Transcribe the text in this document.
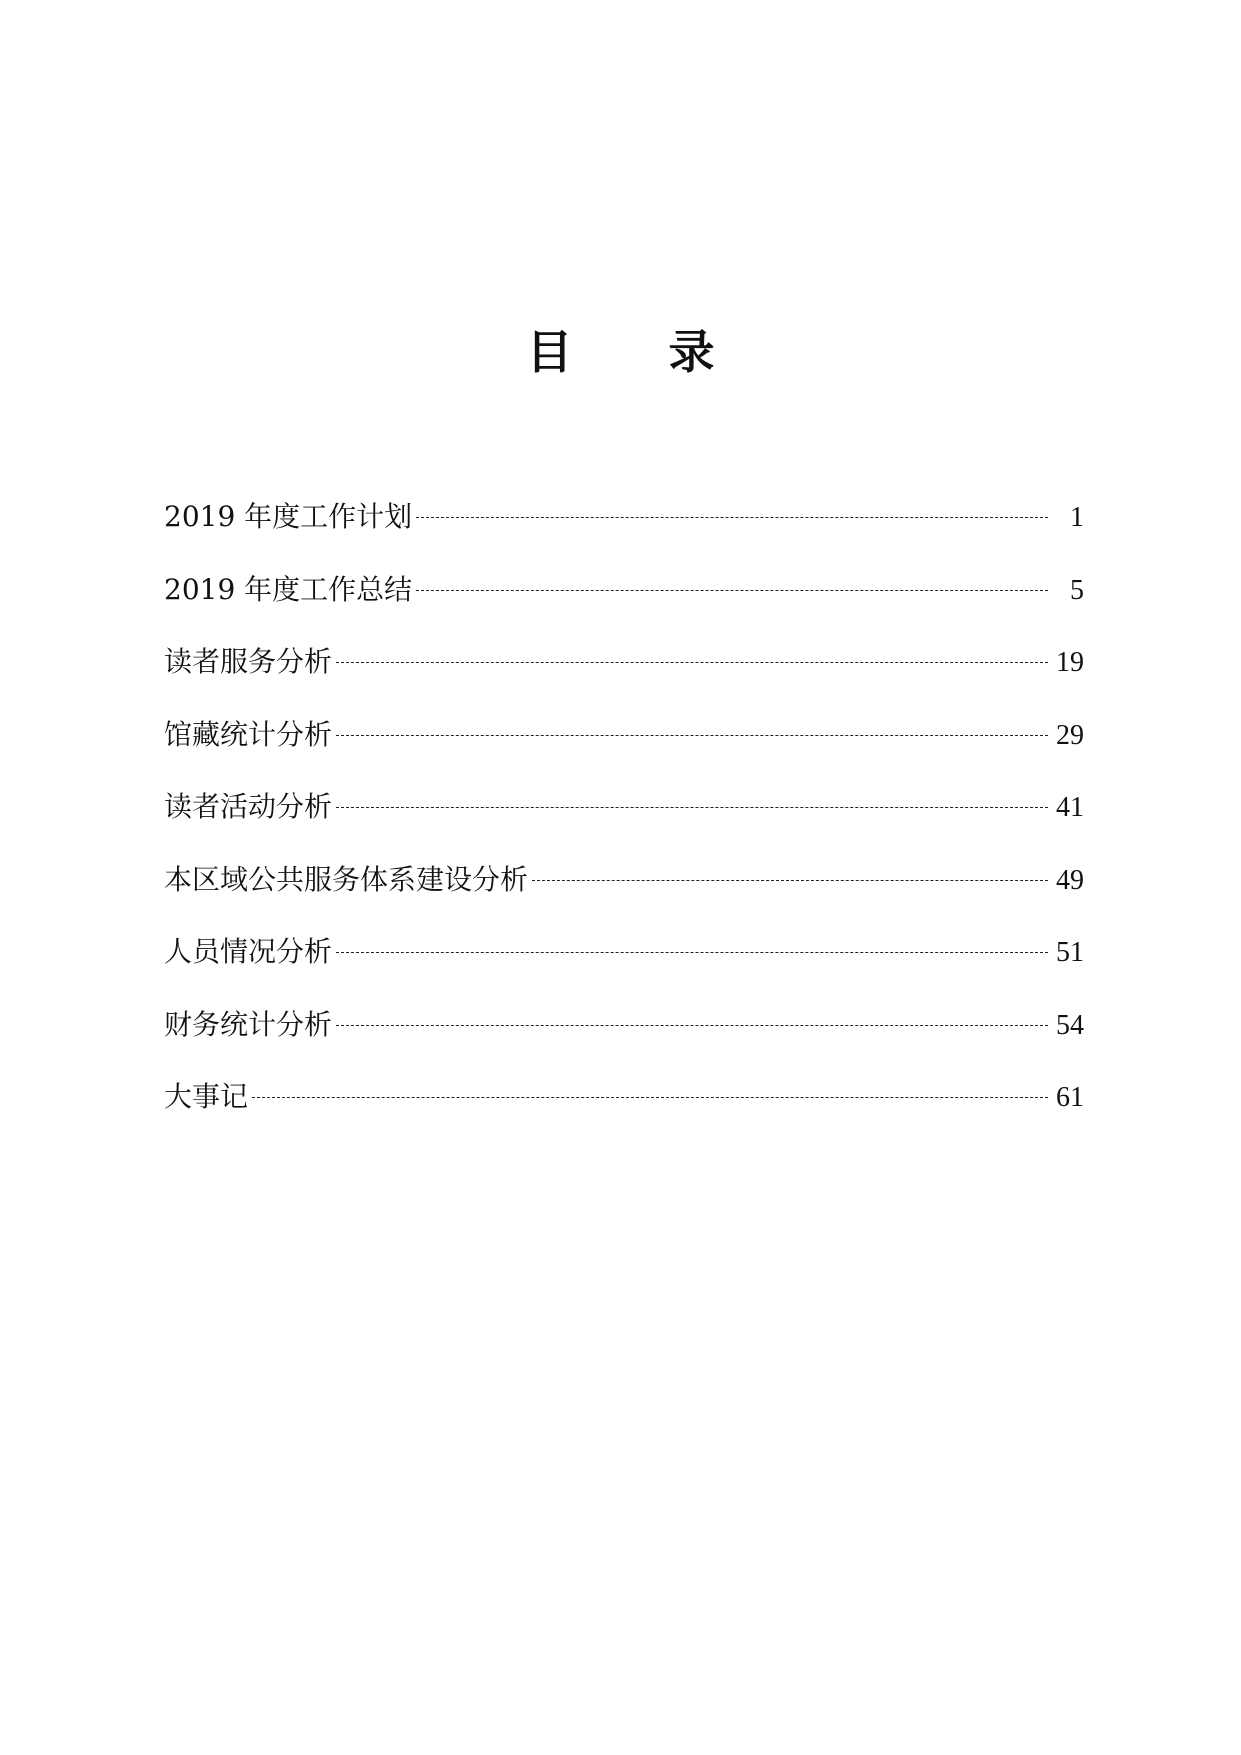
目 录
2019 年度工作计划	1
2019 年度工作总结	5
读者服务分析	19
馆藏统计分析	29
读者活动分析	41
本区域公共服务体系建设分析	49
人员情况分析	51
财务统计分析	54
大事记	61
